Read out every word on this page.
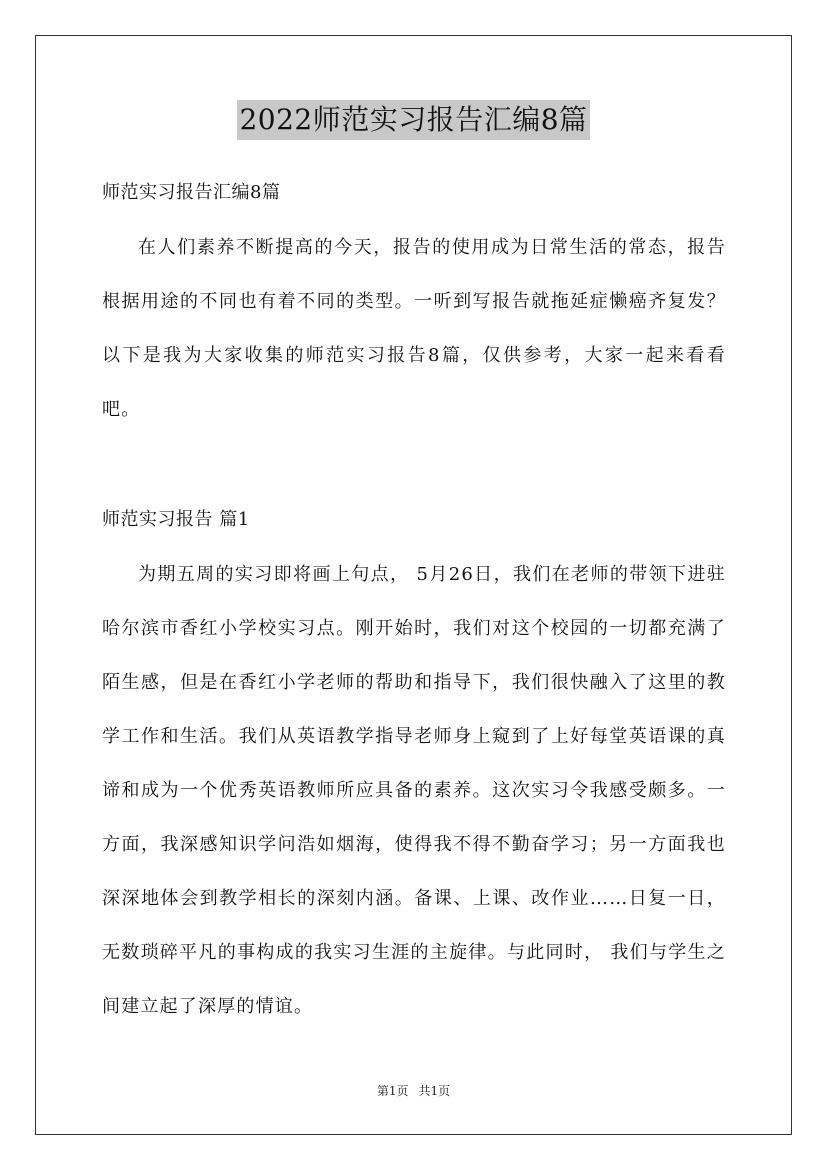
2022师范实习报告汇编8篇
师范实习报告汇编8篇

在人们素养不断提高的今天，报告的使用成为日常生活的常态，报告根据用途的不同也有着不同的类型。一听到写报告就拖延症懒癌齐复发？以下是我为大家收集的师范实习报告8篇，仅供参考，大家一起来看看吧。

师范实习报告 篇1

为期五周的实习即将画上句点， 5月26日，我们在老师的带领下进驻哈尔滨市香红小学校实习点。刚开始时，我们对这个校园的一切都充满了陌生感，但是在香红小学老师的帮助和指导下，我们很快融入了这里的教学工作和生活。我们从英语教学指导老师身上窥到了上好每堂英语课的真谛和成为一个优秀英语教师所应具备的素养。这次实习令我感受颇多。一方面，我深感知识学问浩如烟海，使得我不得不勤奋学习；另一方面我也深深地体会到教学相长的深刻内涵。备课、上课、改作业……日复一日，无数琐碎平凡的事构成的我实习生涯的主旋律。与此同时， 我们与学生之间建立起了深厚的情谊。

第1页 共1页
